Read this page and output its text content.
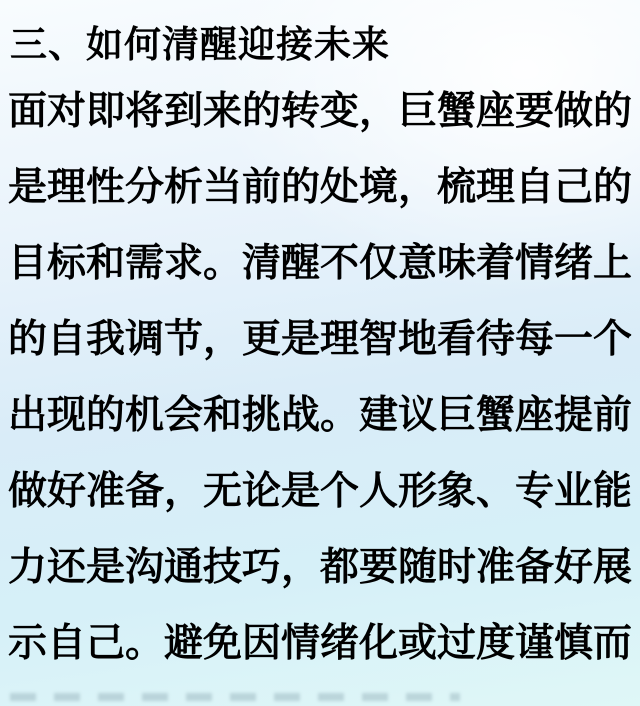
三、如何清醒迎接未来
面对即将到来的转变，巨蟹座要做的
是理性分析当前的处境，梳理自己的
目标和需求。清醒不仅意味着情绪上
的自我调节，更是理智地看待每一个
出现的机会和挑战。建议巨蟹座提前
做好准备，无论是个人形象、专业能
力还是沟通技巧，都要随时准备好展
示自己。避免因情绪化或过度谨慎而
